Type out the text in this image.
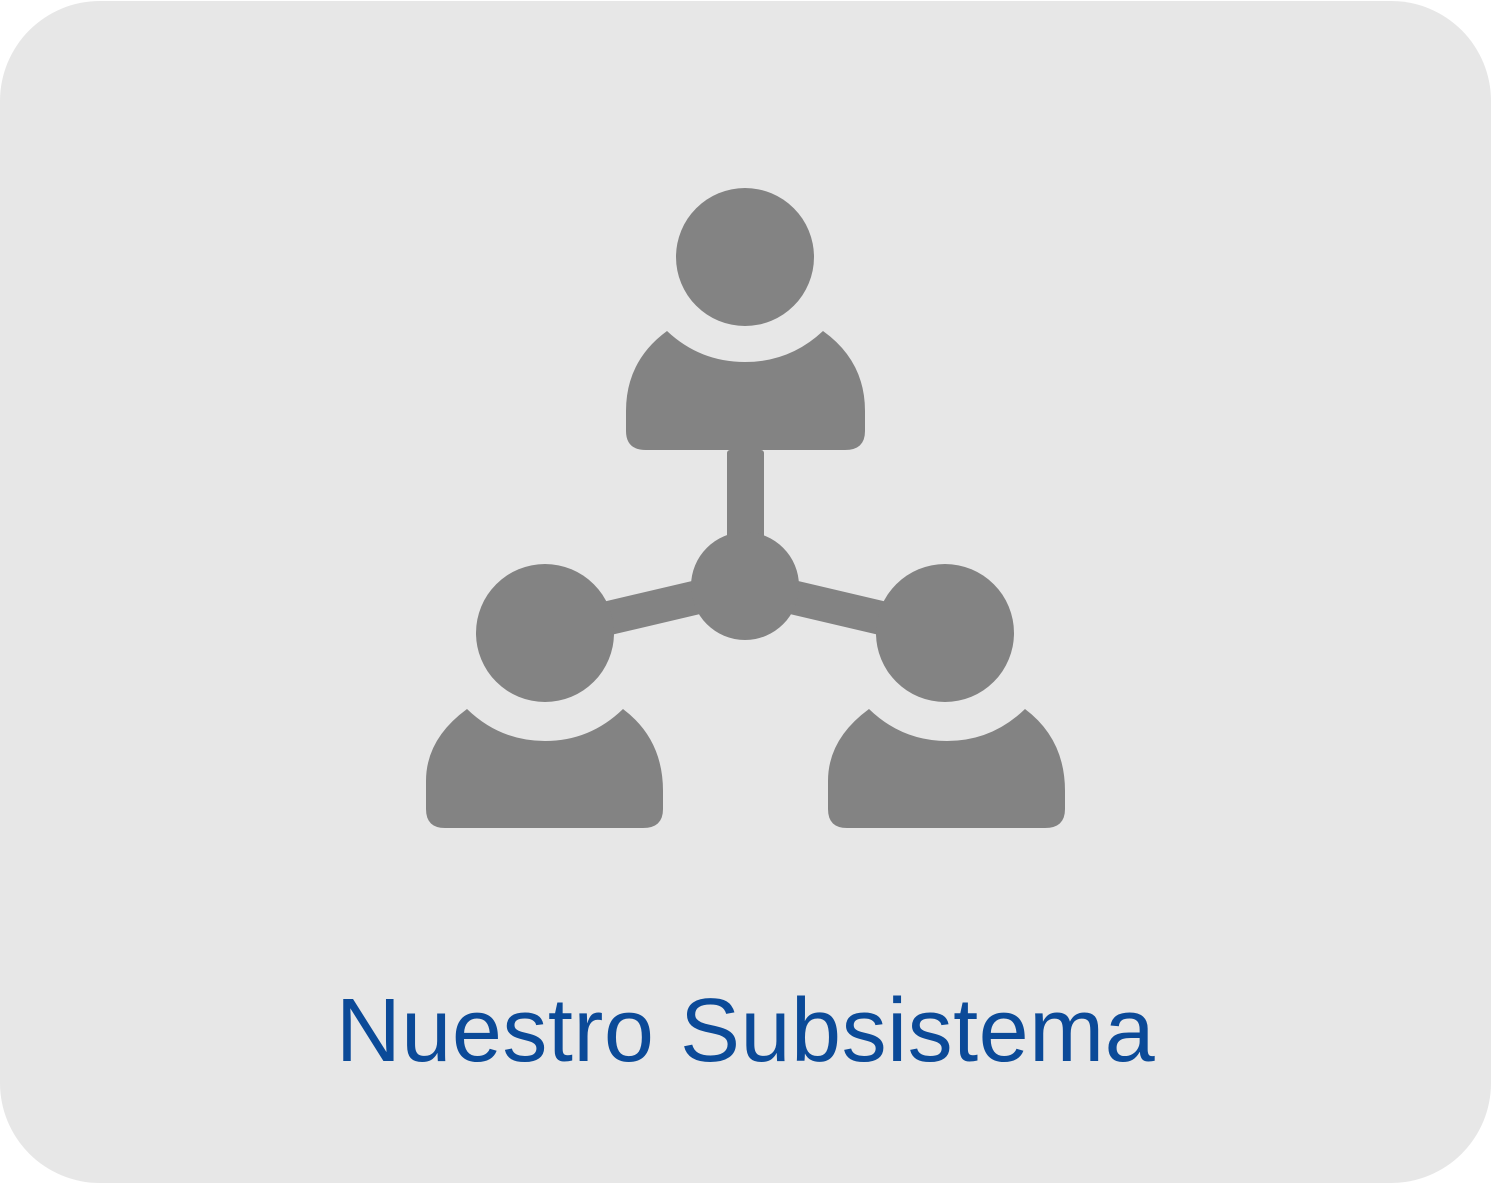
Nuestro Subsistema
